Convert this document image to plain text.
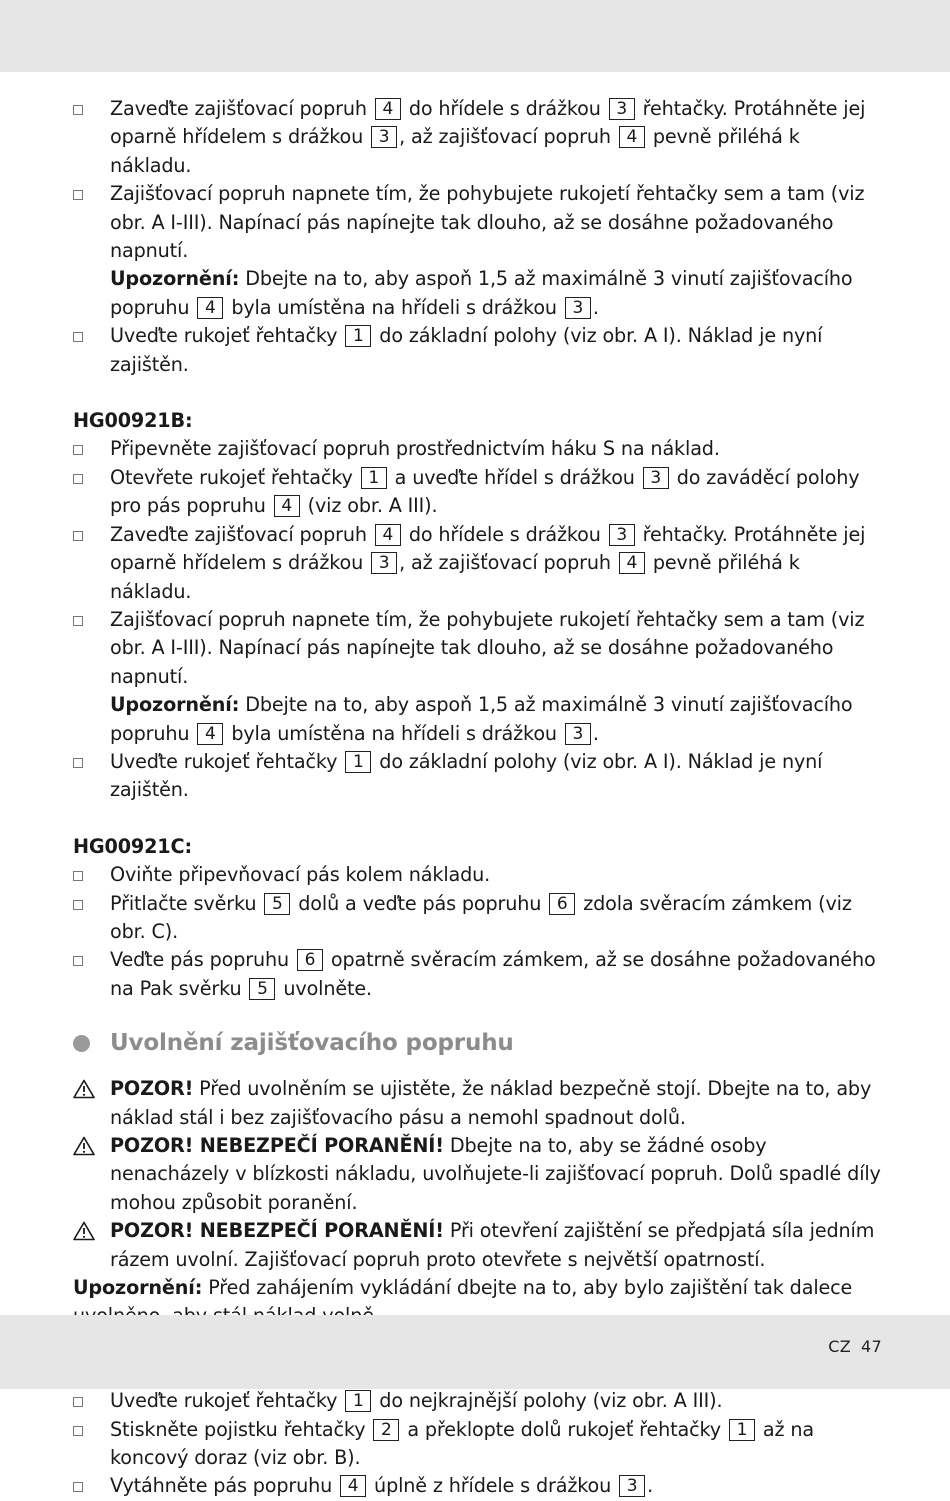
Zaveďte zajišťovací popruh 4 do hřídele s drážkou 3 řehtačky. Protáhněte jej oparně hřídelem s drážkou 3 , až zajišťovací popruh 4 pevně přiléhá k nákladu.
Zajišťovací popruh napnete tím, že pohybujete rukojetí řehtačky sem a tam (viz obr. A I-III). Napínací pás napínejte tak dlouho, až se dosáhne požadovaného napnutí.
Upozornění: Dbejte na to, aby aspoň 1,5 až maximálně 3 vinutí zajišťovacího popruhu 4 byla umístěna na hřídeli s drážkou 3 .
Uveďte rukojeť řehtačky 1 do základní polohy (viz obr. A I). Náklad je nyní zajištěn.
HG00921B:
Připevněte zajišťovací popruh prostřednictvím háku S na náklad.
Otevřete rukojeť řehtačky 1 a uveďte hřídel s drážkou 3 do zaváděcí polohy pro pás popruhu 4 (viz obr. A III).
Zaveďte zajišťovací popruh 4 do hřídele s drážkou 3 řehtačky. Protáhněte jej oparně hřídelem s drážkou 3 , až zajišťovací popruh 4 pevně přiléhá k nákladu.
Zajišťovací popruh napnete tím, že pohybujete rukojetí řehtačky sem a tam (viz obr. A I-III). Napínací pás napínejte tak dlouho, až se dosáhne požadovaného napnutí.
Upozornění: Dbejte na to, aby aspoň 1,5 až maximálně 3 vinutí zajišťovacího popruhu 4 byla umístěna na hřídeli s drážkou 3 .
Uveďte rukojeť řehtačky 1 do základní polohy (viz obr. A I). Náklad je nyní zajištěn.
HG00921C:
Oviňte připevňovací pás kolem nákladu.
Přitlačte svěrku 5 dolů a veďte pás popruhu 6 zdola svěracím zámkem (viz obr. C).
Veďte pás popruhu 6 opatrně svěracím zámkem, až se dosáhne požadovaného na Pak svěrku 5 uvolněte.
Uvolnění zajišťovacího popruhu
POZOR! Před uvolněním se ujistěte, že náklad bezpečně stojí. Dbejte na to, aby náklad stál i bez zajišťovacího pásu a nemohl spadnout dolů.
POZOR! NEBEZPEČÍ PORANĚNÍ! Dbejte na to, aby se žádné osoby nenacházely v blízkosti nákladu, uvolňujete-li zajišťovací popruh. Dolů spadlé díly mohou způsobit poranění.
POZOR! NEBEZPEČÍ PORANĚNÍ! Při otevření zajištění se předpjatá síla jedním rázem uvolní. Zajišťovací popruh proto otevřete s největší opatrností.
Upozornění: Před zahájením vykládání dbejte na to, aby bylo zajištění tak dalece
Uveďte rukojeť řehtačky 1 do nejkrajnější polohy (viz obr. A III).
Stiskněte pojistku řehtačky 2 a překlopte dolů rukojeť řehtačky 1 až na koncový doraz (viz obr. B).
Vytáhněte pás popruhu 4 úplně z hřídele s drážkou 3 .
CZ 47
